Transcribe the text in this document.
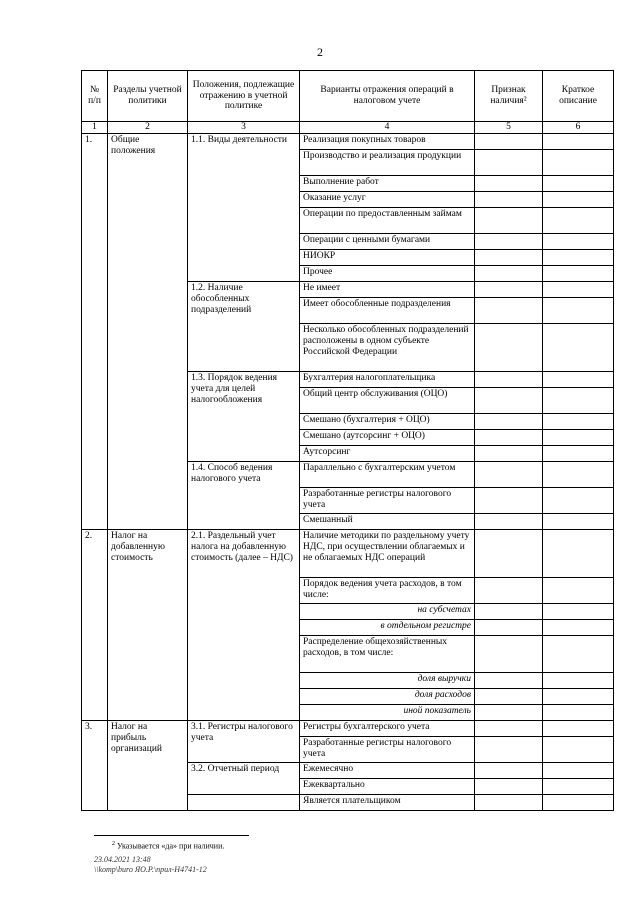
2
№ п/п	Разделы учетной политики	Положения, подлежащие отражению в учетной политике	Варианты отражения операций в налоговом учете	Признак наличия²	Краткое описание
1	2	3	4	5	6
1.	Общие положения	1.1. Виды деятельности	Реализация покупных товаров		
			Производство и реализация продукции		
			Выполнение работ		
			Оказание услуг		
			Операции по предоставленным займам		
			Операции с ценными бумагами		
			НИОКР		
			Прочее		
		1.2. Наличие обособленных подразделений	Не имеет		
			Имеет обособленные подразделения		
			Несколько обособленных подразделений расположены в одном субъекте Российской Федерации		
		1.3. Порядок ведения учета для целей налогообложения	Бухгалтерия налогоплательщика		
			Общий центр обслуживания (ОЦО)		
			Смешано (бухгалтерия + ОЦО)		
			Смешано (аутсорсинг + ОЦО)		
			Аутсорсинг		
		1.4. Способ ведения налогового учета	Параллельно с бухгалтерским учетом		
			Разработанные регистры налогового учета		
			Смешанный		
2.	Налог на добавленную стоимость	2.1. Раздельный учет налога на добавленную стоимость (далее – НДС)	Наличие методики по раздельному учету НДС, при осуществлении облагаемых и не облагаемых НДС операций		
			Порядок ведения учета расходов, в том числе:		
			на субсчетах		
			в отдельном регистре		
			Распределение общехозяйственных расходов, в том числе:		
			доля выручки		
			доля расходов		
			иной показатель		
3.	Налог на прибыль организаций	3.1. Регистры налогового учета	Регистры бухгалтерского учета		
			Разработанные регистры налогового учета		
		3.2. Отчетный период	Ежемесячно		
			Ежеквартально		
			Является плательщиком		
$^2$ Указывается «да» при наличии.
23.04.2021 13:48
\\komp\buro ЯО.Р.\прил-Н4741-12
